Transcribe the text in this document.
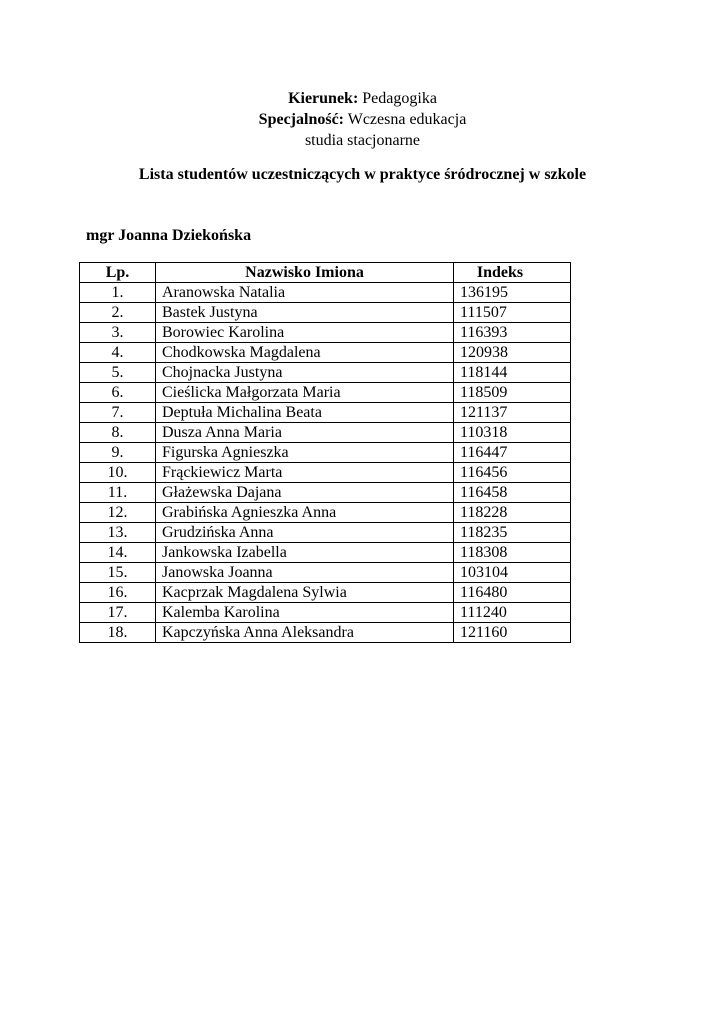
Kierunek: Pedagogika
Specjalność: Wczesna edukacja
studia stacjonarne
Lista studentów uczestniczących w praktyce śródrocznej w szkole
mgr Joanna Dziekońska
Lp.	Nazwisko Imiona	Indeks
1.	Aranowska Natalia	136195
2.	Bastek Justyna	111507
3.	Borowiec Karolina	116393
4.	Chodkowska Magdalena	120938
5.	Chojnacka Justyna	118144
6.	Cieślicka Małgorzata Maria	118509
7.	Deptuła Michalina Beata	121137
8.	Dusza Anna Maria	110318
9.	Figurska Agnieszka	116447
10.	Frąckiewicz Marta	116456
11.	Głażewska Dajana	116458
12.	Grabińska Agnieszka Anna	118228
13.	Grudzińska Anna	118235
14.	Jankowska Izabella	118308
15.	Janowska Joanna	103104
16.	Kacprzak Magdalena Sylwia	116480
17.	Kalemba Karolina	111240
18.	Kapczyńska Anna Aleksandra	121160
